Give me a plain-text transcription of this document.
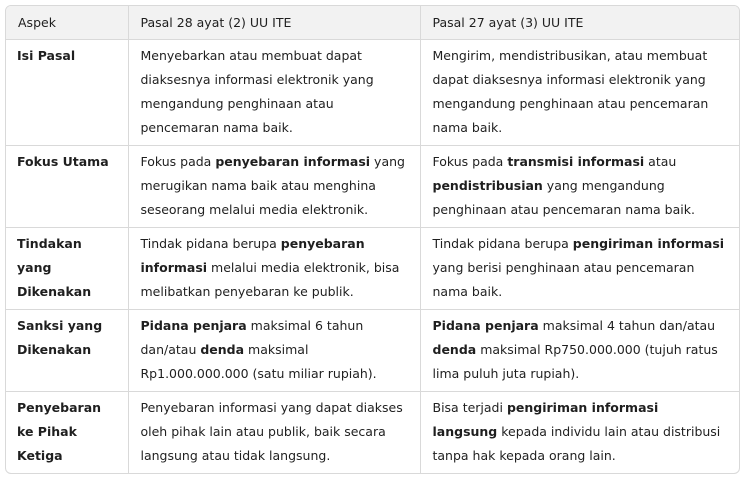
Aspek	Pasal 28 ayat (2) UU ITE	Pasal 27 ayat (3) UU ITE
Isi Pasal	Menyebarkan atau membuat dapat diaksesnya informasi elektronik yang mengandung penghinaan atau pencemaran nama baik.	Mengirim, mendistribusikan, atau membuat dapat diaksesnya informasi elektronik yang mengandung penghinaan atau pencemaran nama baik.
Fokus Utama	Fokus pada penyebaran informasi yang merugikan nama baik atau menghina seseorang melalui media elektronik.	Fokus pada transmisi informasi atau pendistribusian yang mengandung penghinaan atau pencemaran nama baik.
Tindakan yang Dikenakan	Tindak pidana berupa penyebaran informasi melalui media elektronik, bisa melibatkan penyebaran ke publik.	Tindak pidana berupa pengiriman informasi yang berisi penghinaan atau pencemaran nama baik.
Sanksi yang Dikenakan	Pidana penjara maksimal 6 tahun dan/atau denda maksimal Rp1.000.000.000 (satu miliar rupiah).	Pidana penjara maksimal 4 tahun dan/atau denda maksimal Rp750.000.000 (tujuh ratus lima puluh juta rupiah).
Penyebaran ke Pihak Ketiga	Penyebaran informasi yang dapat diakses oleh pihak lain atau publik, baik secara langsung atau tidak langsung.	Bisa terjadi pengiriman informasi langsung kepada individu lain atau distribusi tanpa hak kepada orang lain.
